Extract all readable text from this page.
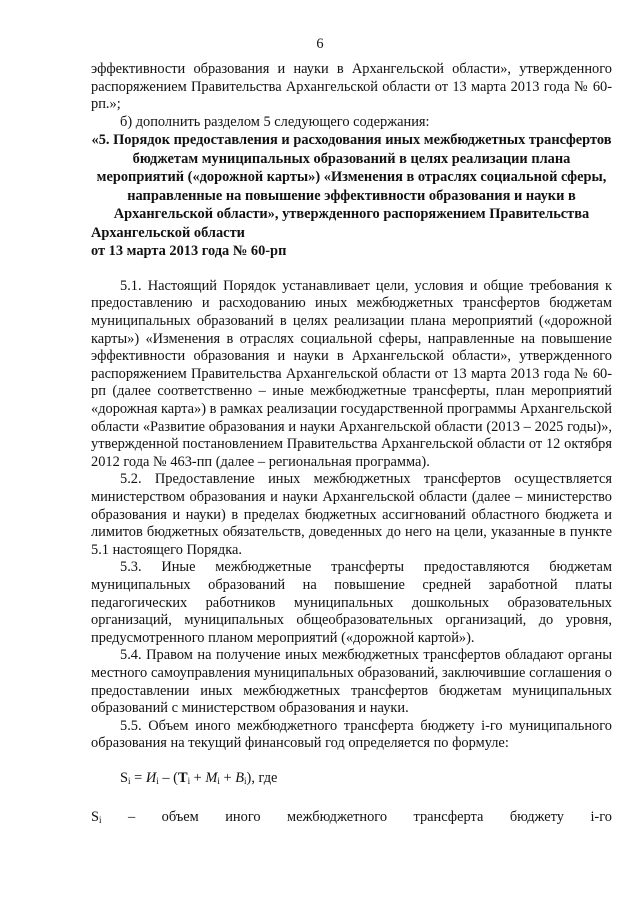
6

эффективности образования и науки в Архангельской области», утвержденного распоряжением Правительства Архангельской области от 13 марта 2013 года № 60-рп.»;

б) дополнить разделом 5 следующего содержания:

«5. Порядок предоставления и расходования иных межбюджетных трансфертов бюджетам муниципальных образований в целях реализации плана мероприятий («дорожной карты») «Изменения в отраслях социальной сферы, направленные на повышение эффективности образования и науки в Архангельской области», утвержденного распоряжением Правительства Архангельской области

от 13 марта 2013 года № 60-рп

5.1. Настоящий Порядок устанавливает цели, условия и общие требования к предоставлению и расходованию иных межбюджетных трансфертов бюджетам муниципальных образований в целях реализации плана мероприятий («дорожной карты») «Изменения в отраслях социальной сферы, направленные на повышение эффективности образования и науки в Архангельской области», утвержденного распоряжением Правительства Архангельской области от 13 марта 2013 года № 60-рп (далее соответственно – иные межбюджетные трансферты, план мероприятий «дорожная карта») в рамках реализации государственной программы Архангельской области «Развитие образования и науки Архангельской области (2013 – 2025 годы)», утвержденной постановлением Правительства Архангельской области от 12 октября 2012 года № 463-пп (далее – региональная программа).

5.2. Предоставление иных межбюджетных трансфертов осуществляется министерством образования и науки Архангельской области (далее – министерство образования и науки) в пределах бюджетных ассигнований областного бюджета и лимитов бюджетных обязательств, доведенных до него на цели, указанные в пункте 5.1 настоящего Порядка.

5.3. Иные межбюджетные трансферты предоставляются бюджетам муниципальных образований на повышение средней заработной платы педагогических работников муниципальных дошкольных образовательных организаций, муниципальных общеобразовательных организаций, до уровня, предусмотренного планом мероприятий («дорожной картой»).

5.4. Правом на получение иных межбюджетных трансфертов обладают органы местного самоуправления муниципальных образований, заключившие соглашения о предоставлении иных межбюджетных трансфертов бюджетам муниципальных образований с министерством образования и науки.

5.5. Объем иного межбюджетного трансферта бюджету i-го муниципального образования на текущий финансовый год определяется по формуле:

$S_i = И_i - (Т_i + М_i + В_i)$, где

$S_i$ – объем иного межбюджетного трансферта бюджету i-го
